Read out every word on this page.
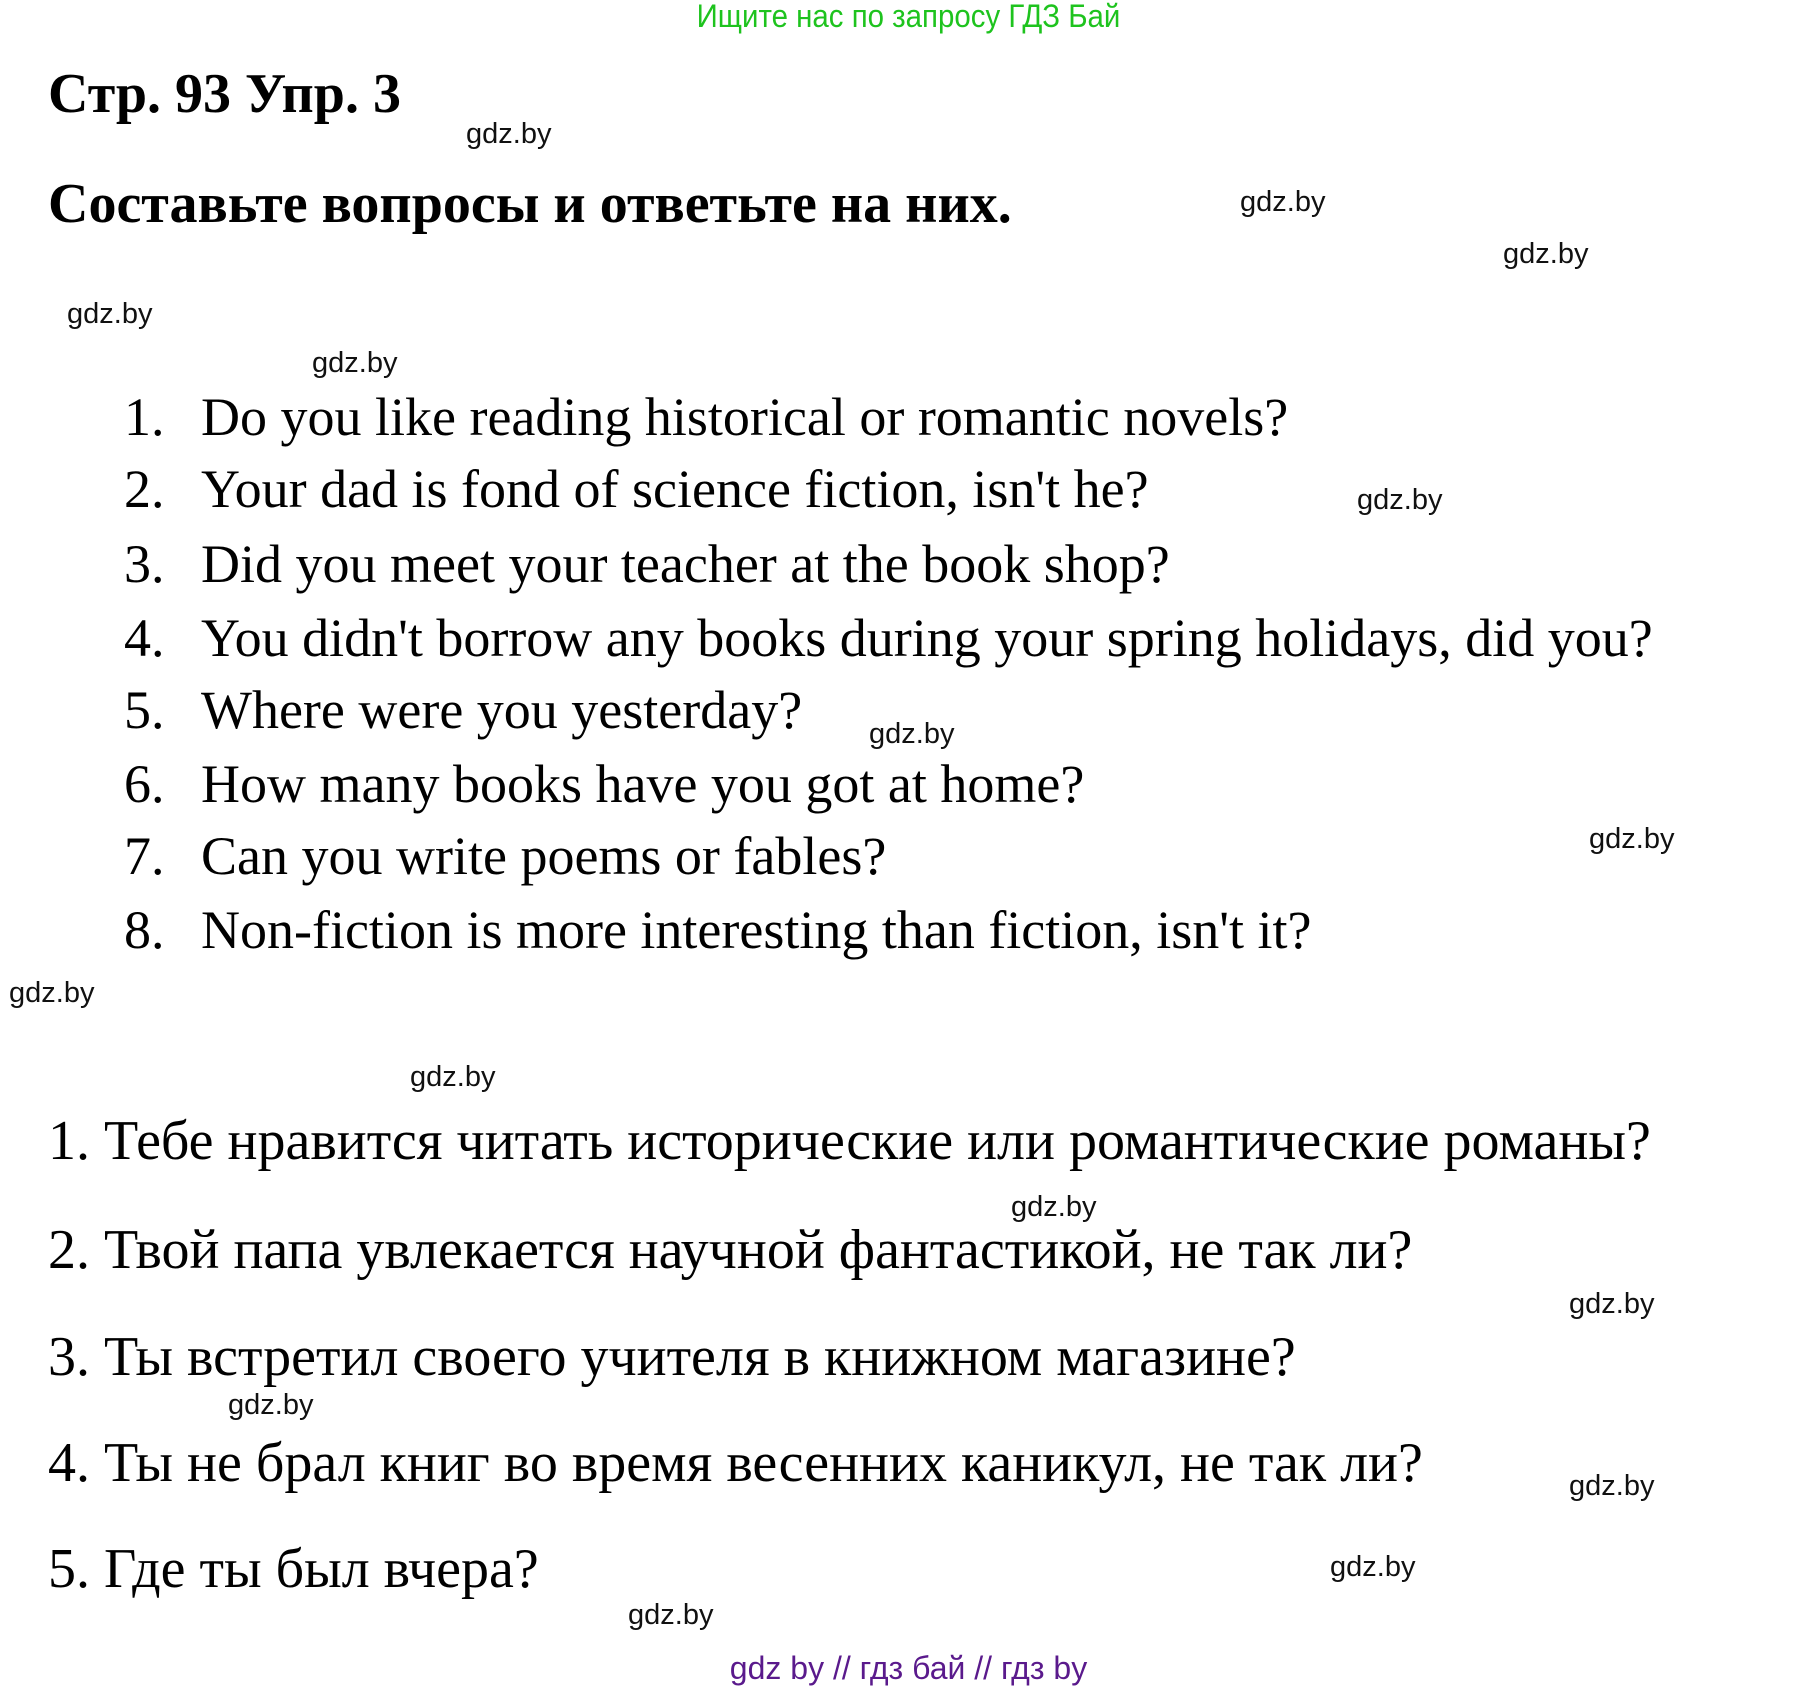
Ищите нас по запросу ГДЗ Бай
Стр. 93 Упр. 3
Составьте вопросы и ответьте на них.
gdz.by
gdz.by
gdz.by
gdz.by
gdz.by
gdz.by
gdz.by
gdz.by
gdz.by
gdz.by
gdz.by
gdz.by
gdz.by
gdz.by
gdz.by
gdz.by
1. Do you like reading historical or romantic novels?
2. Your dad is fond of science fiction, isn't he?
3. Did you meet your teacher at the book shop?
4. You didn't borrow any books during your spring holidays, did you?
5. Where were you yesterday?
6. How many books have you got at home?
7. Can you write poems or fables?
8. Non-fiction is more interesting than fiction, isn't it?
1. Тебе нравится читать исторические или романтические романы?
2. Твой папа увлекается научной фантастикой, не так ли?
3. Ты встретил своего учителя в книжном магазине?
4. Ты не брал книг во время весенних каникул, не так ли?
5. Где ты был вчера?
gdz by // гдз бай // гдз by
